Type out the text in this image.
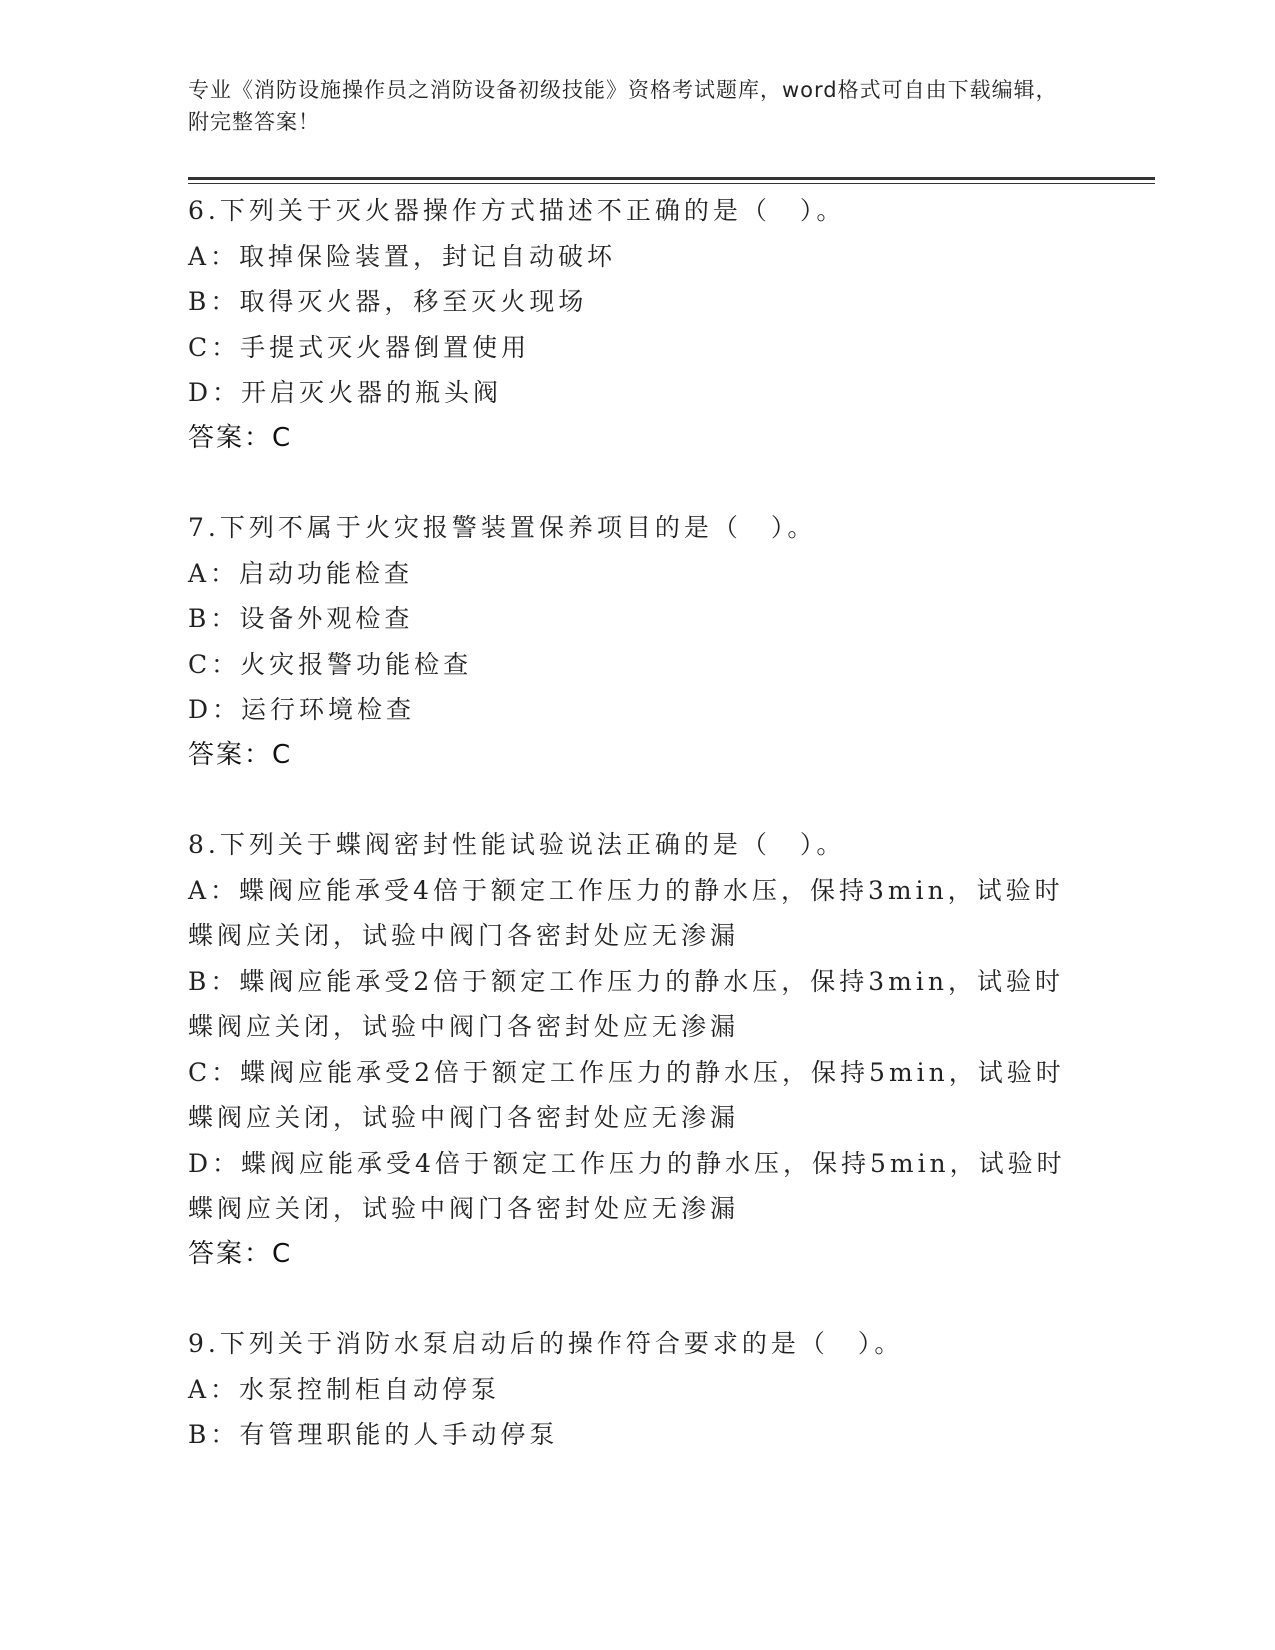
专业《消防设施操作员之消防设备初级技能》资格考试题库，word格式可自由下载编辑，附完整答案！
6.下列关于灭火器操作方式描述不正确的是（　）。
A：取掉保险装置，封记自动破坏
B：取得灭火器，移至灭火现场
C：手提式灭火器倒置使用
D：开启灭火器的瓶头阀
答案：C
7.下列不属于火灾报警装置保养项目的是（　）。
A：启动功能检查
B：设备外观检查
C：火灾报警功能检查
D：运行环境检查
答案：C
8.下列关于蝶阀密封性能试验说法正确的是（　）。
A：蝶阀应能承受4倍于额定工作压力的静水压，保持3min，试验时蝶阀应关闭，试验中阀门各密封处应无渗漏
B：蝶阀应能承受2倍于额定工作压力的静水压，保持3min，试验时蝶阀应关闭，试验中阀门各密封处应无渗漏
C：蝶阀应能承受2倍于额定工作压力的静水压，保持5min，试验时蝶阀应关闭，试验中阀门各密封处应无渗漏
D：蝶阀应能承受4倍于额定工作压力的静水压，保持5min，试验时蝶阀应关闭，试验中阀门各密封处应无渗漏
答案：C
9.下列关于消防水泵启动后的操作符合要求的是（　）。
A：水泵控制柜自动停泵
B：有管理职能的人手动停泵
